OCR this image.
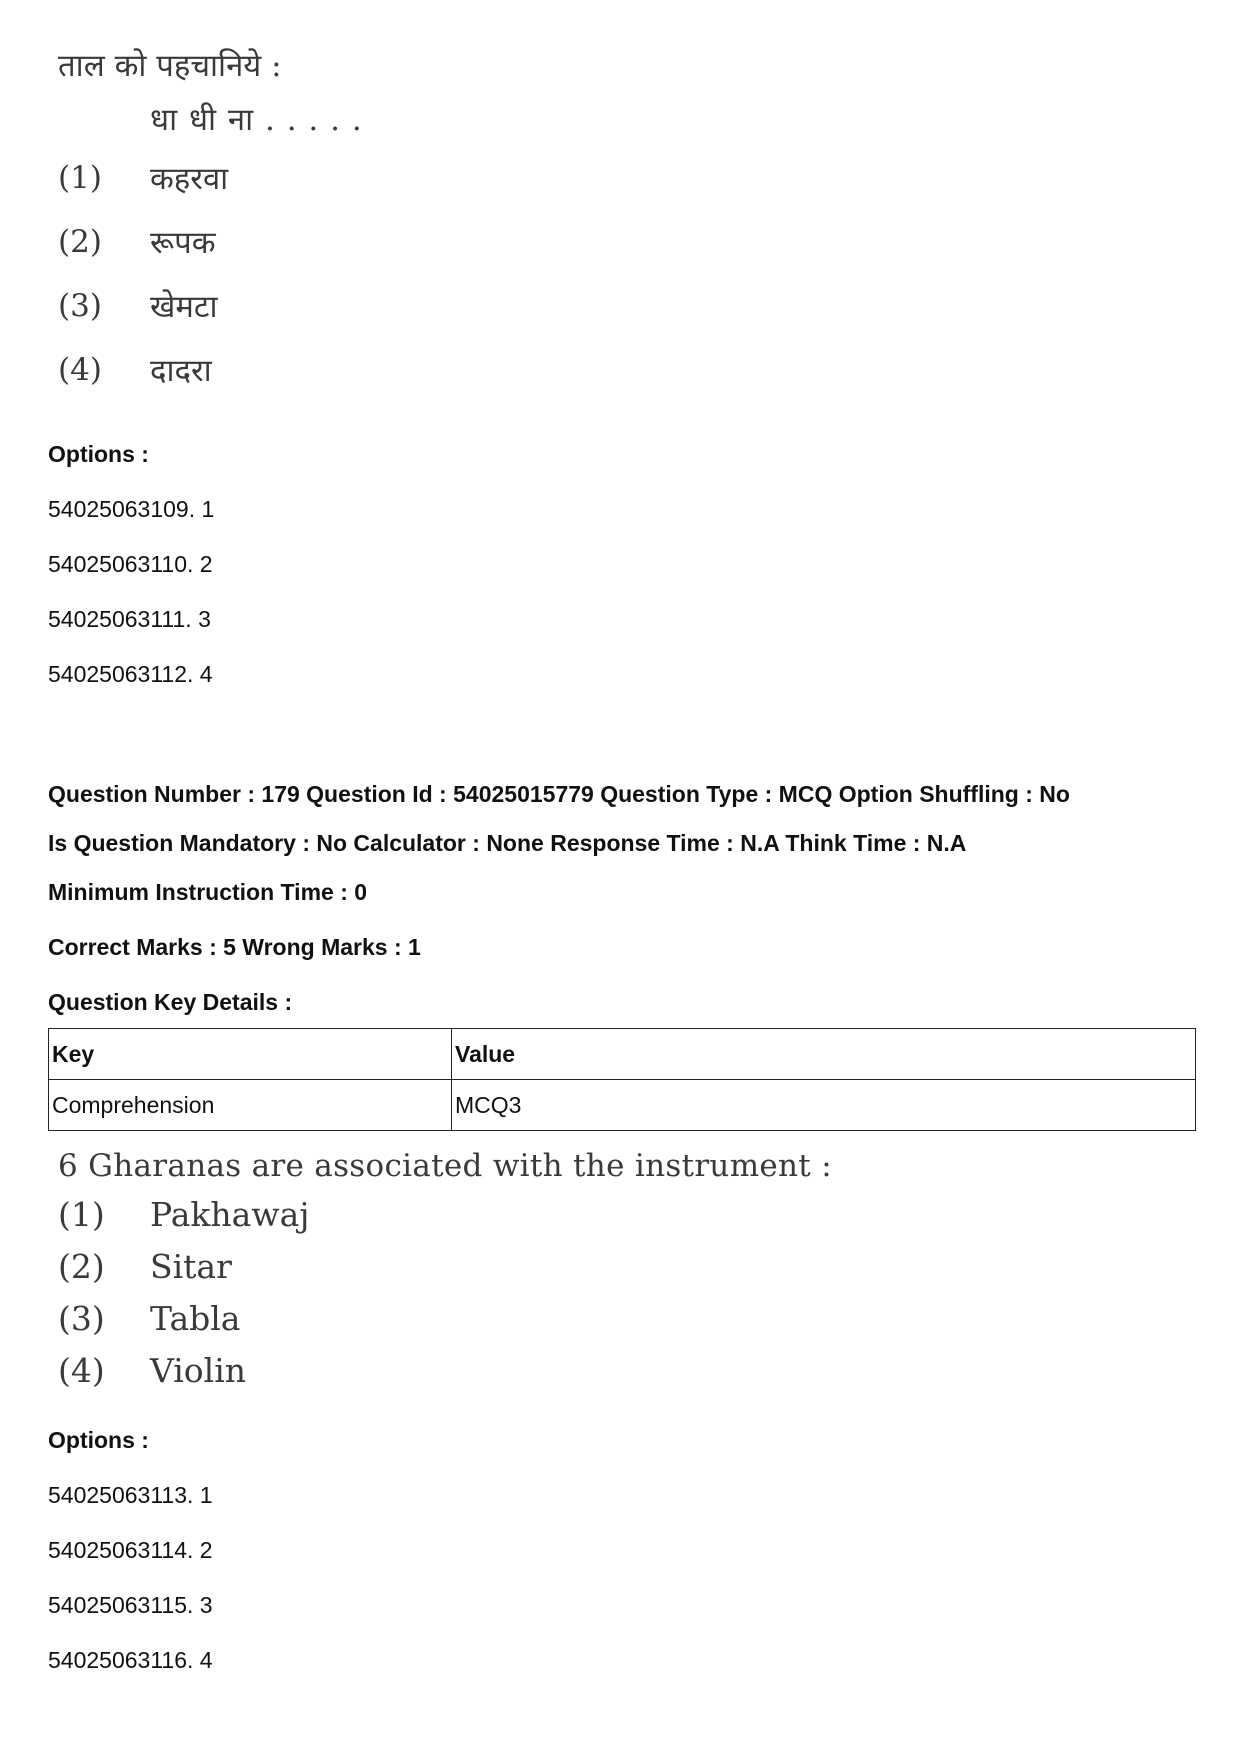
ताल को पहचानिये :
धा धी ना . . . . .
(1)	कहरवा
(2)	रूपक
(3)	खेमटा
(4)	दादरा
Options :
54025063109. 1
54025063110. 2
54025063111. 3
54025063112. 4
Question Number : 179 Question Id : 54025015779 Question Type : MCQ Option Shuffling : No
Is Question Mandatory : No Calculator : None Response Time : N.A Think Time : N.A
Minimum Instruction Time : 0
Correct Marks : 5 Wrong Marks : 1
Question Key Details :
Key	Value
Comprehension	MCQ3
6 Gharanas are associated with the instrument :
(1)	Pakhawaj
(2)	Sitar
(3)	Tabla
(4)	Violin
Options :
54025063113. 1
54025063114. 2
54025063115. 3
54025063116. 4
